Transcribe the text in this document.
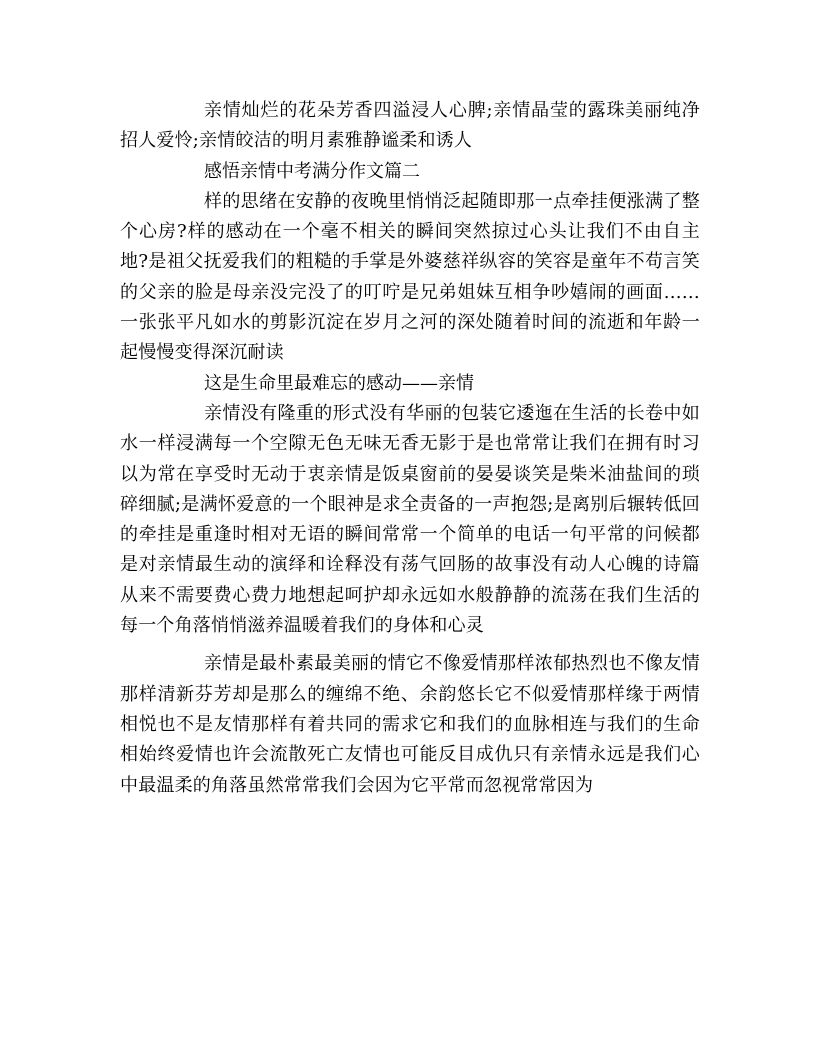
亲情灿烂的花朵芳香四溢浸人心脾;亲情晶莹的露珠美丽纯净招人爱怜;亲情皎洁的明月素雅静谧柔和诱人

感悟亲情中考满分作文篇二

样的思绪在安静的夜晚里悄悄泛起随即那一点牵挂便涨满了整个心房?样的感动在一个毫不相关的瞬间突然掠过心头让我们不由自主地?是祖父抚爱我们的粗糙的手掌是外婆慈祥纵容的笑容是童年不苟言笑的父亲的脸是母亲没完没了的叮咛是兄弟姐妹互相争吵嬉闹的画面……一张张平凡如水的剪影沉淀在岁月之河的深处随着时间的流逝和年龄一起慢慢变得深沉耐读

这是生命里最难忘的感动——亲情

亲情没有隆重的形式没有华丽的包装它逶迤在生活的长卷中如水一样浸满每一个空隙无色无味无香无影于是也常常让我们在拥有时习以为常在享受时无动于衷亲情是饭桌窗前的晏晏谈笑是柴米油盐间的琐碎细腻;是满怀爱意的一个眼神是求全责备的一声抱怨;是离别后辗转低回的牵挂是重逢时相对无语的瞬间常常一个简单的电话一句平常的问候都是对亲情最生动的演绎和诠释没有荡气回肠的故事没有动人心魄的诗篇从来不需要费心费力地想起呵护却永远如水般静静的流荡在我们生活的每一个角落悄悄滋养温暖着我们的身体和心灵

亲情是最朴素最美丽的情它不像爱情那样浓郁热烈也不像友情那样清新芬芳却是那么的缠绵不绝、余韵悠长它不似爱情那样缘于两情相悦也不是友情那样有着共同的需求它和我们的血脉相连与我们的生命相始终爱情也许会流散死亡友情也可能反目成仇只有亲情永远是我们心中最温柔的角落虽然常常我们会因为它平常而忽视常常因为
